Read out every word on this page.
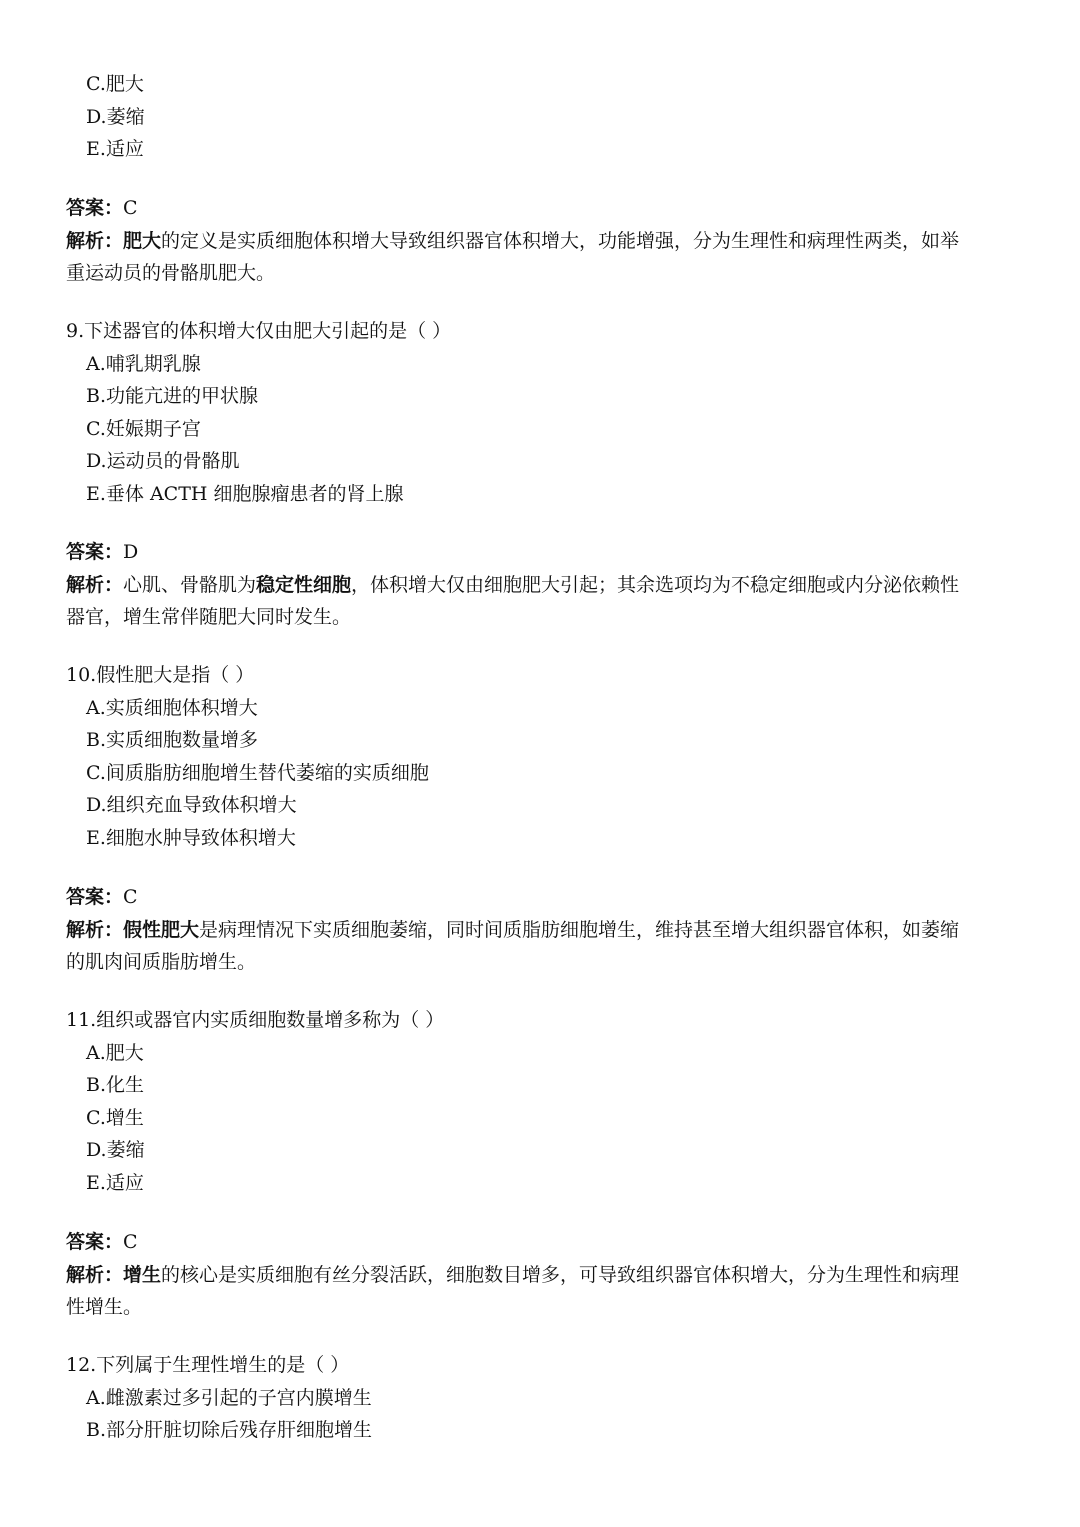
C.肥大
D.萎缩
E.适应
答案：C
解析：肥大的定义是实质细胞体积增大导致组织器官体积增大，功能增强，分为生理性和病理性两类，如举
重运动员的骨骼肌肥大。
9.下述器官的体积增大仅由肥大引起的是（ ）
A.哺乳期乳腺
B.功能亢进的甲状腺
C.妊娠期子宫
D.运动员的骨骼肌
E.垂体 ACTH 细胞腺瘤患者的肾上腺
答案：D
解析：心肌、骨骼肌为稳定性细胞，体积增大仅由细胞肥大引起；其余选项均为不稳定细胞或内分泌依赖性
器官，增生常伴随肥大同时发生。
10.假性肥大是指（ ）
A.实质细胞体积增大
B.实质细胞数量增多
C.间质脂肪细胞增生替代萎缩的实质细胞
D.组织充血导致体积增大
E.细胞水肿导致体积增大
答案：C
解析：假性肥大是病理情况下实质细胞萎缩，同时间质脂肪细胞增生，维持甚至增大组织器官体积，如萎缩
的肌肉间质脂肪增生。
11.组织或器官内实质细胞数量增多称为（ ）
A.肥大
B.化生
C.增生
D.萎缩
E.适应
答案：C
解析：增生的核心是实质细胞有丝分裂活跃，细胞数目增多，可导致组织器官体积增大，分为生理性和病理
性增生。
12.下列属于生理性增生的是（ ）
A.雌激素过多引起的子宫内膜增生
B.部分肝脏切除后残存肝细胞增生
